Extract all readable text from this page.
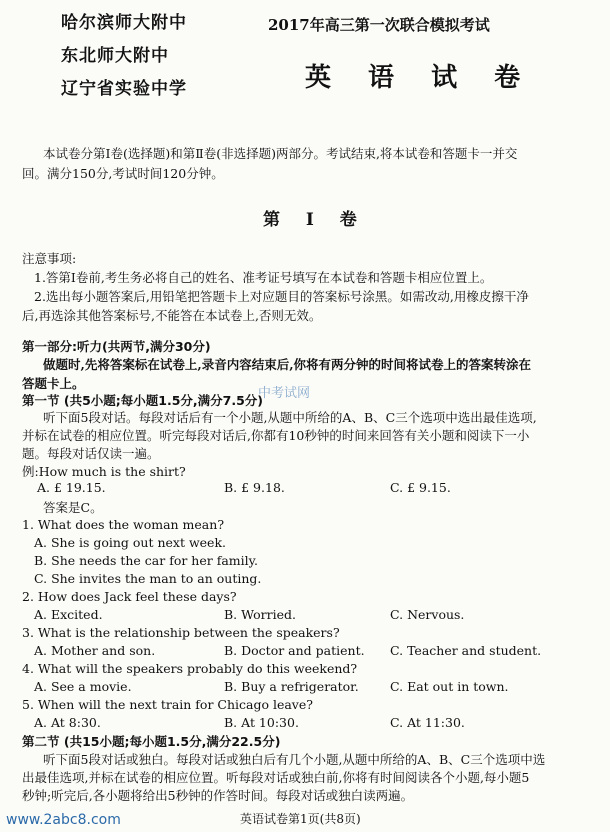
哈尔滨师大附中
东北师大附中
辽宁省实验中学
2017年高三第一次联合模拟考试
英 语 试 卷
本试卷分第Ⅰ卷(选择题)和第Ⅱ卷(非选择题)两部分。考试结束,将本试卷和答题卡一并交
回。满分150分,考试时间120分钟。
第 Ⅰ 卷
注意事项:
1.答第Ⅰ卷前,考生务必将自己的姓名、准考证号填写在本试卷和答题卡相应位置上。
2.选出每小题答案后,用铅笔把答题卡上对应题目的答案标号涂黑。如需改动,用橡皮擦干净
后,再选涂其他答案标号,不能答在本试卷上,否则无效。
第一部分:听力(共两节,满分30分)
做题时,先将答案标在试卷上,录音内容结束后,你将有两分钟的时间将试卷上的答案转涂在
答题卡上。
第一节 (共5小题;每小题1.5分,满分7.5分)
听下面5段对话。每段对话后有一个小题,从题中所给的A、B、C三个选项中选出最佳选项,
并标在试卷的相应位置。听完每段对话后,你都有10秒钟的时间来回答有关小题和阅读下一小
题。每段对话仅读一遍。
例:How much is the shirt?
A. £ 19.15.	B. £ 9.18.	C. £ 9.15.
答案是C。
1. What does the woman mean?
A. She is going out next week.
B. She needs the car for her family.
C. She invites the man to an outing.
2. How does Jack feel these days?
A. Excited.	B. Worried.	C. Nervous.
3. What is the relationship between the speakers?
A. Mother and son.	B. Doctor and patient. C. Teacher and student.
4. What will the speakers probably do this weekend?
A. See a movie.	B. Buy a refrigerator. C. Eat out in town.
5. When will the next train for Chicago leave?
A. At 8:30.	B. At 10:30.	C. At 11:30.
第二节 (共15小题;每小题1.5分,满分22.5分)
听下面5段对话或独白。每段对话或独白后有几个小题,从题中所给的A、B、C三个选项中选
出最佳选项,并标在试卷的相应位置。听每段对话或独白前,你将有时间阅读各个小题,每小题5
秒钟;听完后,各小题将给出5秒钟的作答时间。每段对话或独白读两遍。
中考试网
www.2abc8.com	英语试卷第1页(共8页)
